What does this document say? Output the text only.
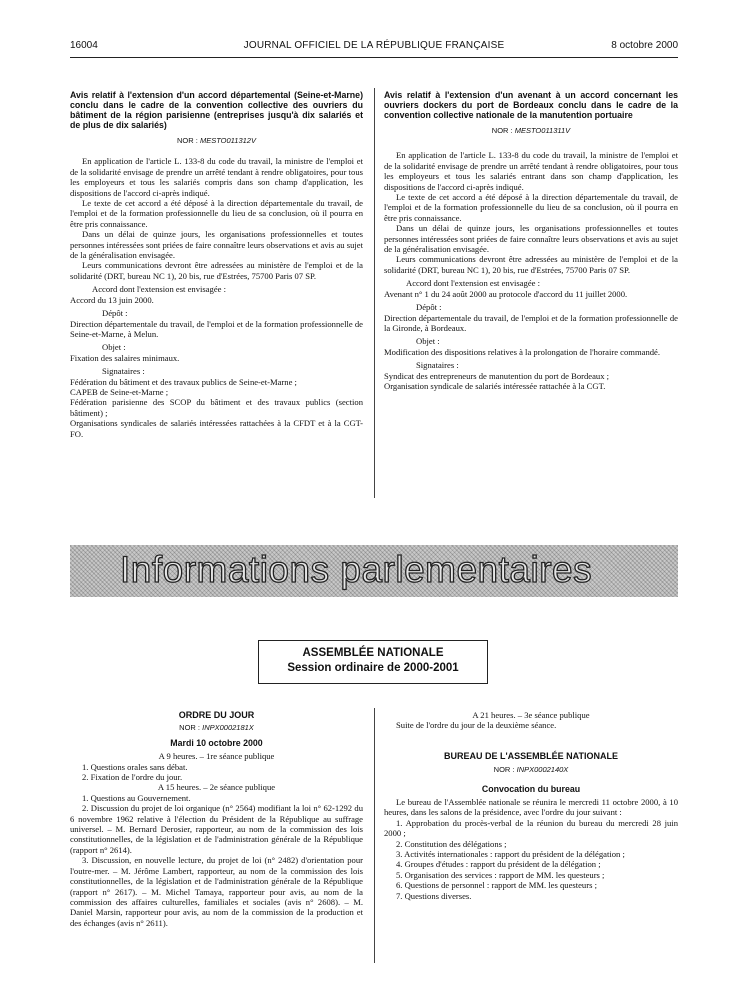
16004	JOURNAL OFFICIEL DE LA RÉPUBLIQUE FRANÇAISE	8 octobre 2000

Avis relatif à l'extension d'un accord départemental (Seine-et-Marne) conclu dans le cadre de la convention collective des ouvriers du bâtiment de la région parisienne (entreprises jusqu'à dix salariés et de plus de dix salariés)

NOR : MESTO011312V

En application de l'article L. 133-8 du code du travail, la ministre de l'emploi et de la solidarité envisage de prendre un arrêté tendant à rendre obligatoires, pour tous les employeurs et tous les salariés compris dans son champ d'application, les dispositions de l'accord ci-après indiqué.

Le texte de cet accord a été déposé à la direction départementale du travail, de l'emploi et de la formation professionnelle du lieu de sa conclusion, où il pourra en être pris connaissance.

Dans un délai de quinze jours, les organisations professionnelles et toutes personnes intéressées sont priées de faire connaître leurs observations et avis au sujet de la généralisation envisagée.

Leurs communications devront être adressées au ministère de l'emploi et de la solidarité (DRT, bureau NC 1), 20 bis, rue d'Estrées, 75700 Paris 07 SP.

Accord dont l'extension est envisagée :

Accord du 13 juin 2000.

Dépôt :

Direction départementale du travail, de l'emploi et de la formation professionnelle de Seine-et-Marne, à Melun.

Objet :

Fixation des salaires minimaux.

Signataires :

Fédération du bâtiment et des travaux publics de Seine-et-Marne ;

CAPEB de Seine-et-Marne ;

Fédération parisienne des SCOP du bâtiment et des travaux publics (section bâtiment) ;

Organisations syndicales de salariés intéressées rattachées à la CFDT et à la CGT-FO.

Avis relatif à l'extension d'un avenant à un accord concernant les ouvriers dockers du port de Bordeaux conclu dans le cadre de la convention collective nationale de la manutention portuaire

NOR : MESTO011311V

En application de l'article L. 133-8 du code du travail, la ministre de l'emploi et de la solidarité envisage de prendre un arrêté tendant à rendre obligatoires, pour tous les employeurs et tous les salariés entrant dans son champ d'application, les dispositions de l'accord ci-après indiqué.

Le texte de cet accord a été déposé à la direction départementale du travail, de l'emploi et de la formation professionnelle du lieu de sa conclusion, où il pourra en être pris connaissance.

Dans un délai de quinze jours, les organisations professionnelles et toutes personnes intéressées sont priées de faire connaître leurs observations et avis au sujet de la généralisation envisagée.

Leurs communications devront être adressées au ministère de l'emploi et de la solidarité (DRT, bureau NC 1), 20 bis, rue d'Estrées, 75700 Paris 07 SP.

Accord dont l'extension est envisagée :

Avenant n° 1 du 24 août 2000 au protocole d'accord du 11 juillet 2000.

Dépôt :

Direction départementale du travail, de l'emploi et de la formation professionnelle de la Gironde, à Bordeaux.

Objet :

Modification des dispositions relatives à la prolongation de l'horaire commandé.

Signataires :

Syndicat des entrepreneurs de manutention du port de Bordeaux ;

Organisation syndicale de salariés intéressée rattachée à la CGT.

Informations parlementaires
ASSEMBLÉE NATIONALE
Session ordinaire de 2000-2001

ORDRE DU JOUR

NOR : INPX0002181X

Mardi 10 octobre 2000

A 9 heures. – 1re séance publique

1. Questions orales sans débat.

2. Fixation de l'ordre du jour.

A 15 heures. – 2e séance publique

1. Questions au Gouvernement.

2. Discussion du projet de loi organique (n° 2564) modifiant la loi n° 62-1292 du 6 novembre 1962 relative à l'élection du Président de la République au suffrage universel. – M. Bernard Derosier, rapporteur, au nom de la commission des lois constitutionnelles, de la législation et de l'administration générale de la République (rapport n° 2614).

3. Discussion, en nouvelle lecture, du projet de loi (n° 2482) d'orientation pour l'outre-mer. – M. Jérôme Lambert, rapporteur, au nom de la commission des lois constitutionnelles, de la législation et de l'administration générale de la République (rapport n° 2617). – M. Michel Tamaya, rapporteur pour avis, au nom de la commission des affaires culturelles, familiales et sociales (avis n° 2608). – M. Daniel Marsin, rapporteur pour avis, au nom de la commission de la production et des échanges (avis n° 2611).

A 21 heures. – 3e séance publique

Suite de l'ordre du jour de la deuxième séance.

BUREAU DE L'ASSEMBLÉE NATIONALE

NOR : INPX0002140X

Convocation du bureau

Le bureau de l'Assemblée nationale se réunira le mercredi 11 octobre 2000, à 10 heures, dans les salons de la présidence, avec l'ordre du jour suivant :

1. Approbation du procès-verbal de la réunion du bureau du mercredi 28 juin 2000 ;

2. Constitution des délégations ;

3. Activités internationales : rapport du président de la délégation ;

4. Groupes d'études : rapport du président de la délégation ;

5. Organisation des services : rapport de MM. les questeurs ;

6. Questions de personnel : rapport de MM. les questeurs ;

7. Questions diverses.
